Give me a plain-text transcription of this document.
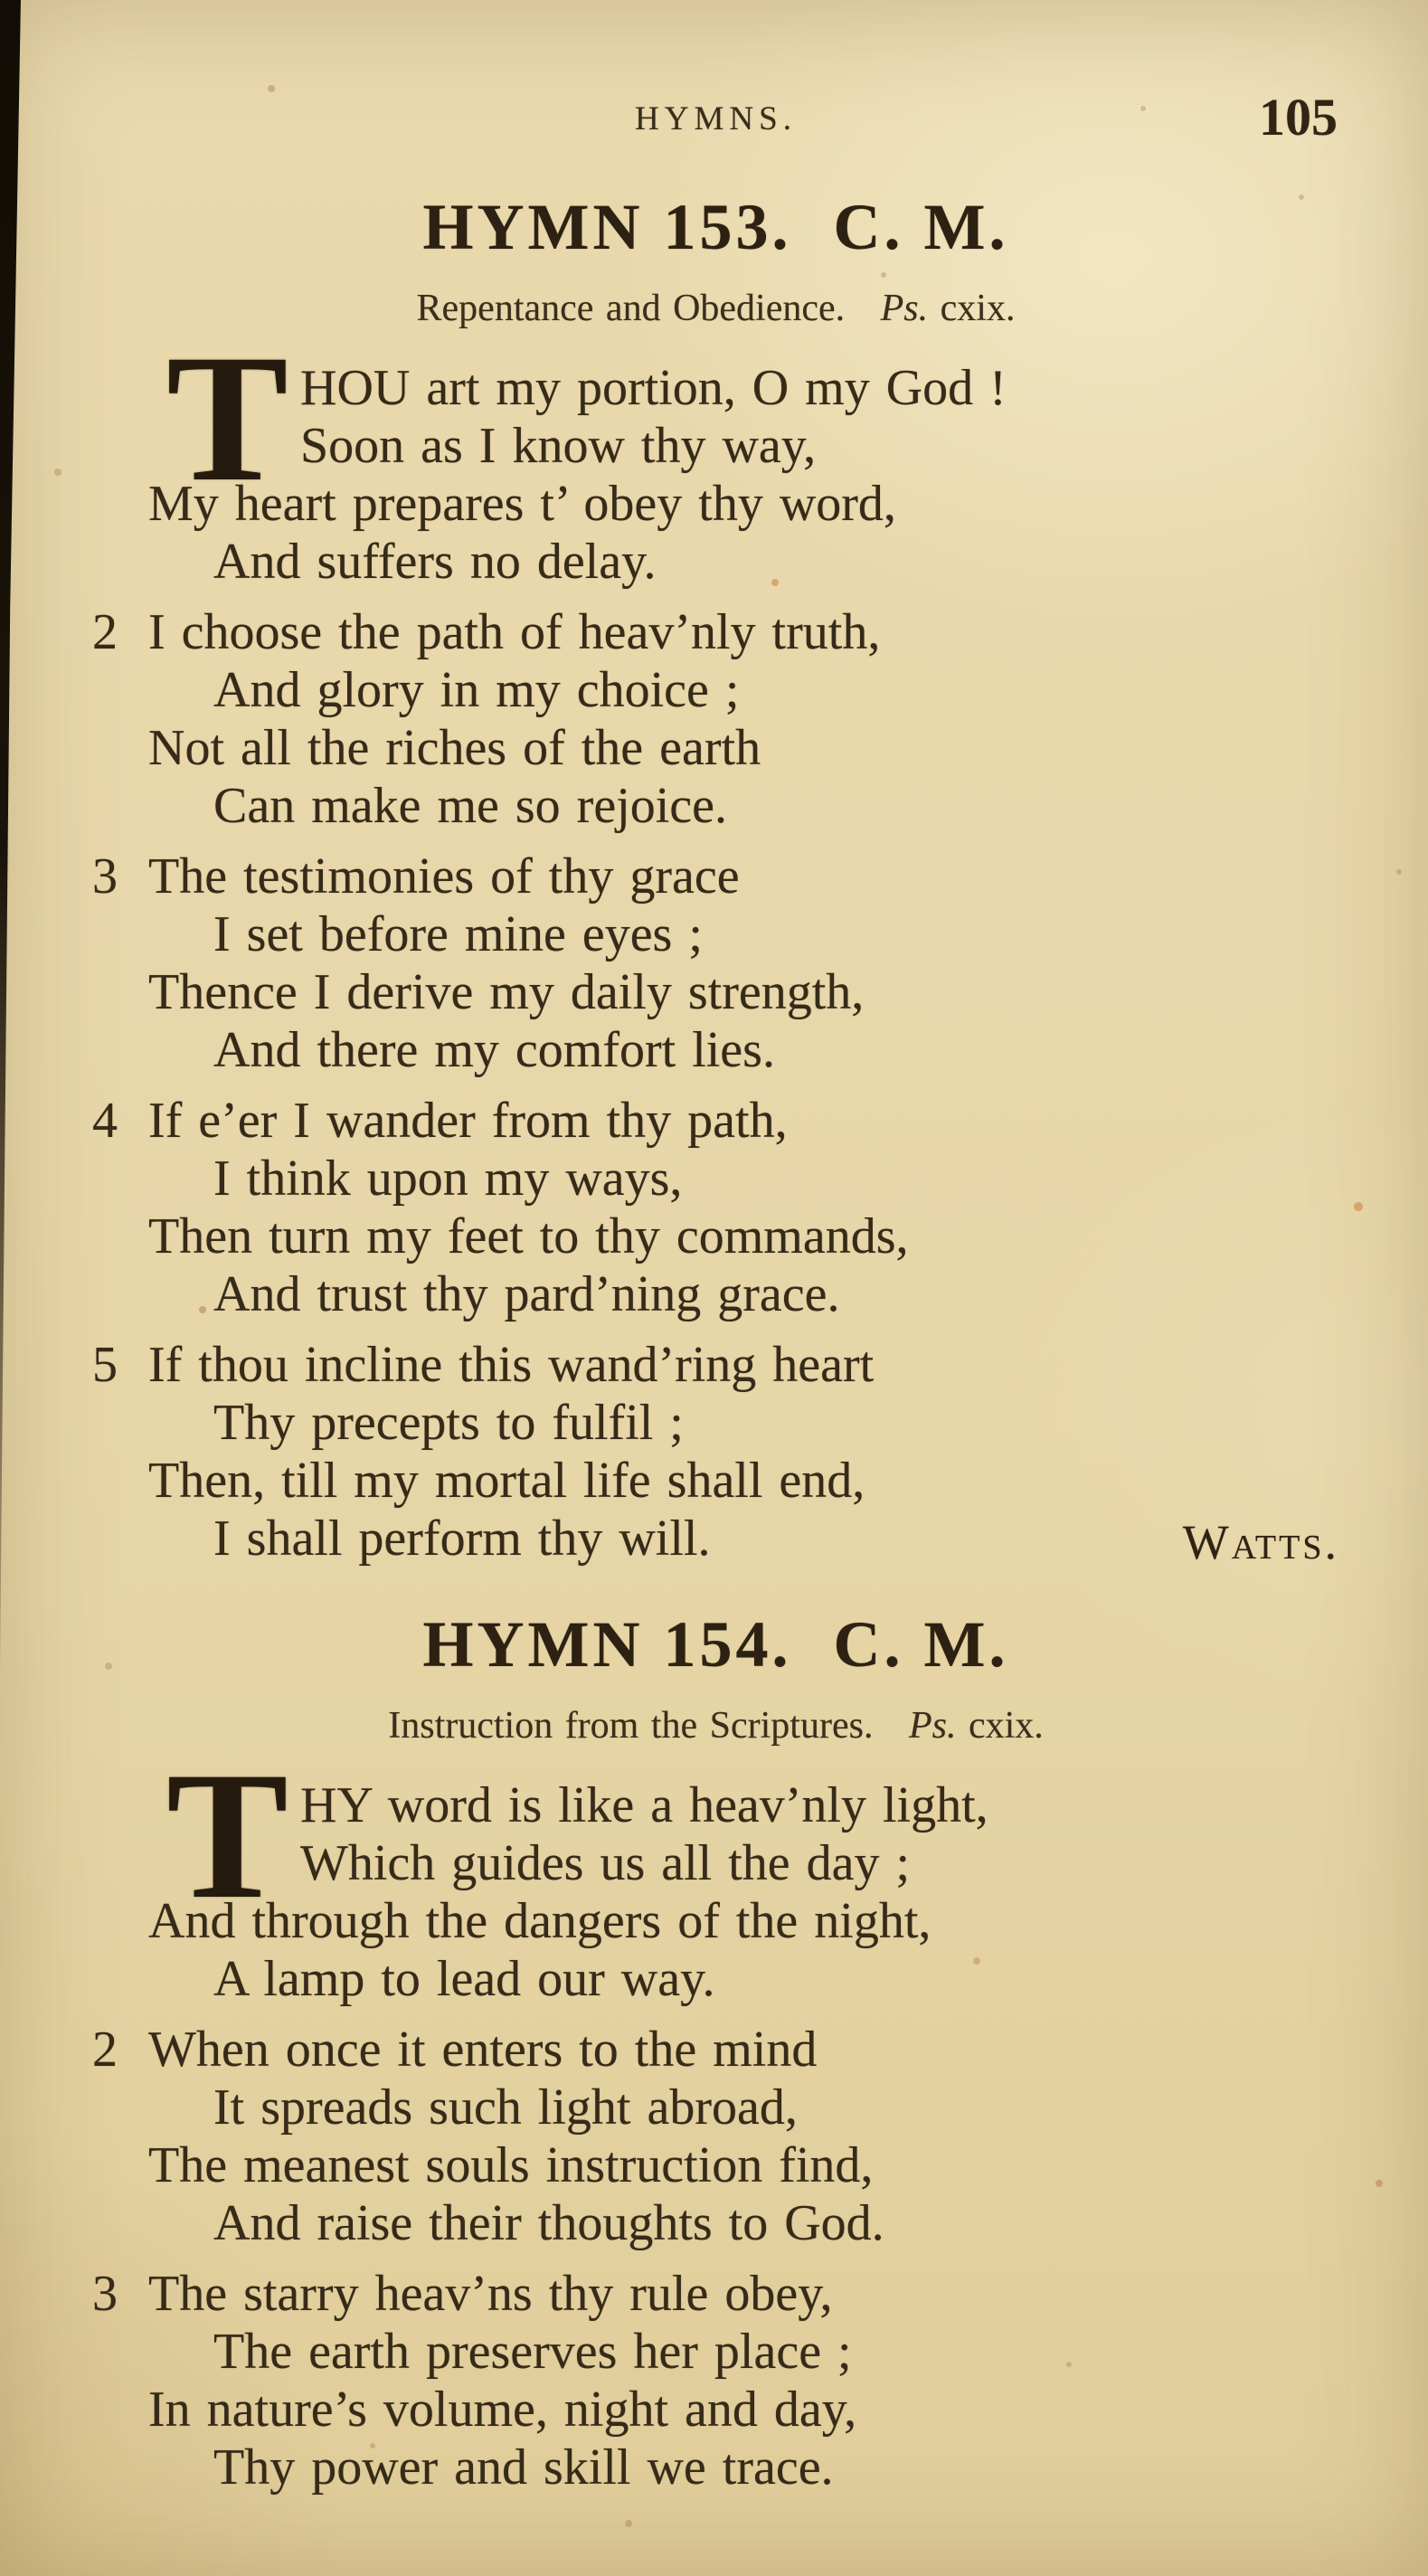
HYMNS.	105
HYMN 153. C. M.

Repentance and Obedience. Ps. cxix.

T HOU art my portion, O my God !
Soon as I know thy way,
My heart prepares t’ obey thy word,
And suffers no delay.
2 I choose the path of heav’nly truth,
And glory in my choice ;
Not all the riches of the earth
Can make me so rejoice.
3 The testimonies of thy grace
I set before mine eyes ;
Thence I derive my daily strength,
And there my comfort lies.
4 If e’er I wander from thy path,
I think upon my ways,
Then turn my feet to thy commands,
And trust thy pard’ning grace.
5 If thou incline this wand’ring heart
Thy precepts to fulfil ;
Then, till my mortal life shall end,
I shall perform thy will.	Watts.
HYMN 154. C. M.

Instruction from the Scriptures. Ps. cxix.

T HY word is like a heav’nly light,
Which guides us all the day ;
And through the dangers of the night,
A lamp to lead our way.
2 When once it enters to the mind
It spreads such light abroad,
The meanest souls instruction find,
And raise their thoughts to God.
3 The starry heav’ns thy rule obey,
The earth preserves her place ;
In nature’s volume, night and day,
Thy power and skill we trace.
